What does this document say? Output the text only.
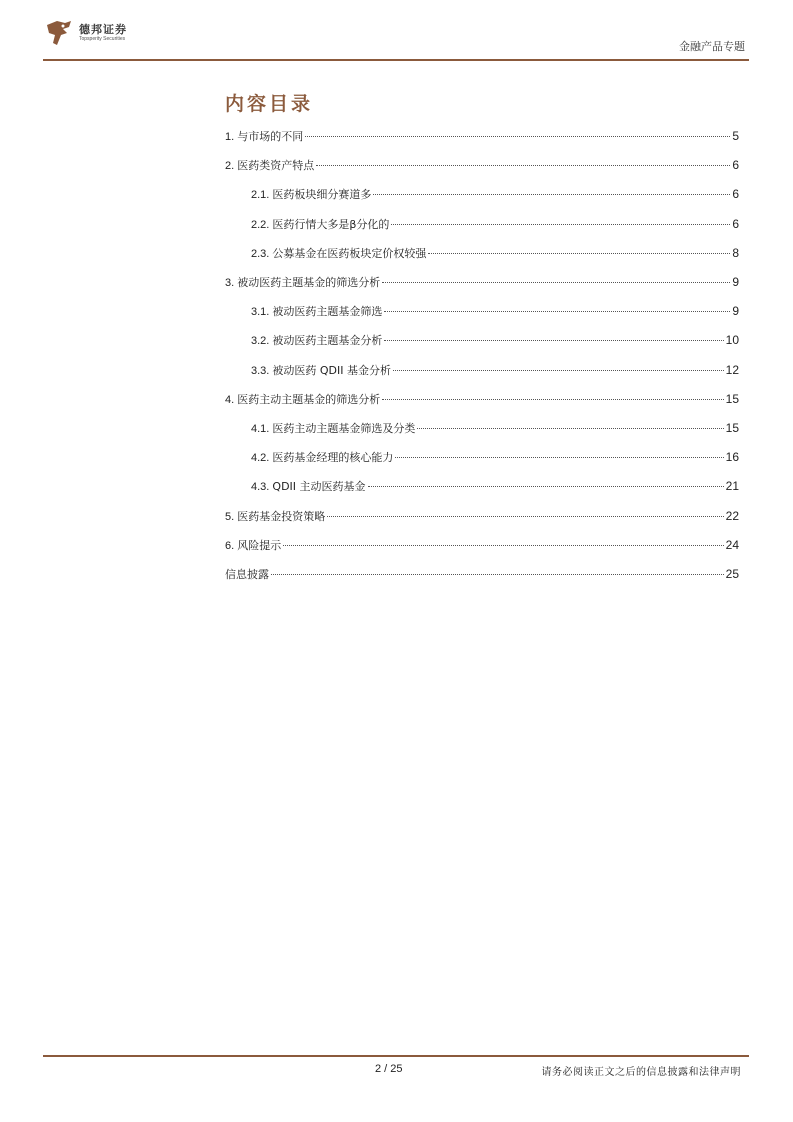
德邦证券
Topsperity Securities
金融产品专题
内容目录
1. 与市场的不同	5
2. 医药类资产特点	6
2.1. 医药板块细分赛道多	6
2.2. 医药行情大多是β分化的	6
2.3. 公募基金在医药板块定价权较强	8
3. 被动医药主题基金的筛选分析	9
3.1. 被动医药主题基金筛选	9
3.2. 被动医药主题基金分析	10
3.3. 被动医药 QDII 基金分析	12
4. 医药主动主题基金的筛选分析	15
4.1. 医药主动主题基金筛选及分类	15
4.2. 医药基金经理的核心能力	16
4.3. QDII 主动医药基金	21
5. 医药基金投资策略	22
6. 风险提示	24
信息披露	25
2 / 25	请务必阅读正文之后的信息披露和法律声明
